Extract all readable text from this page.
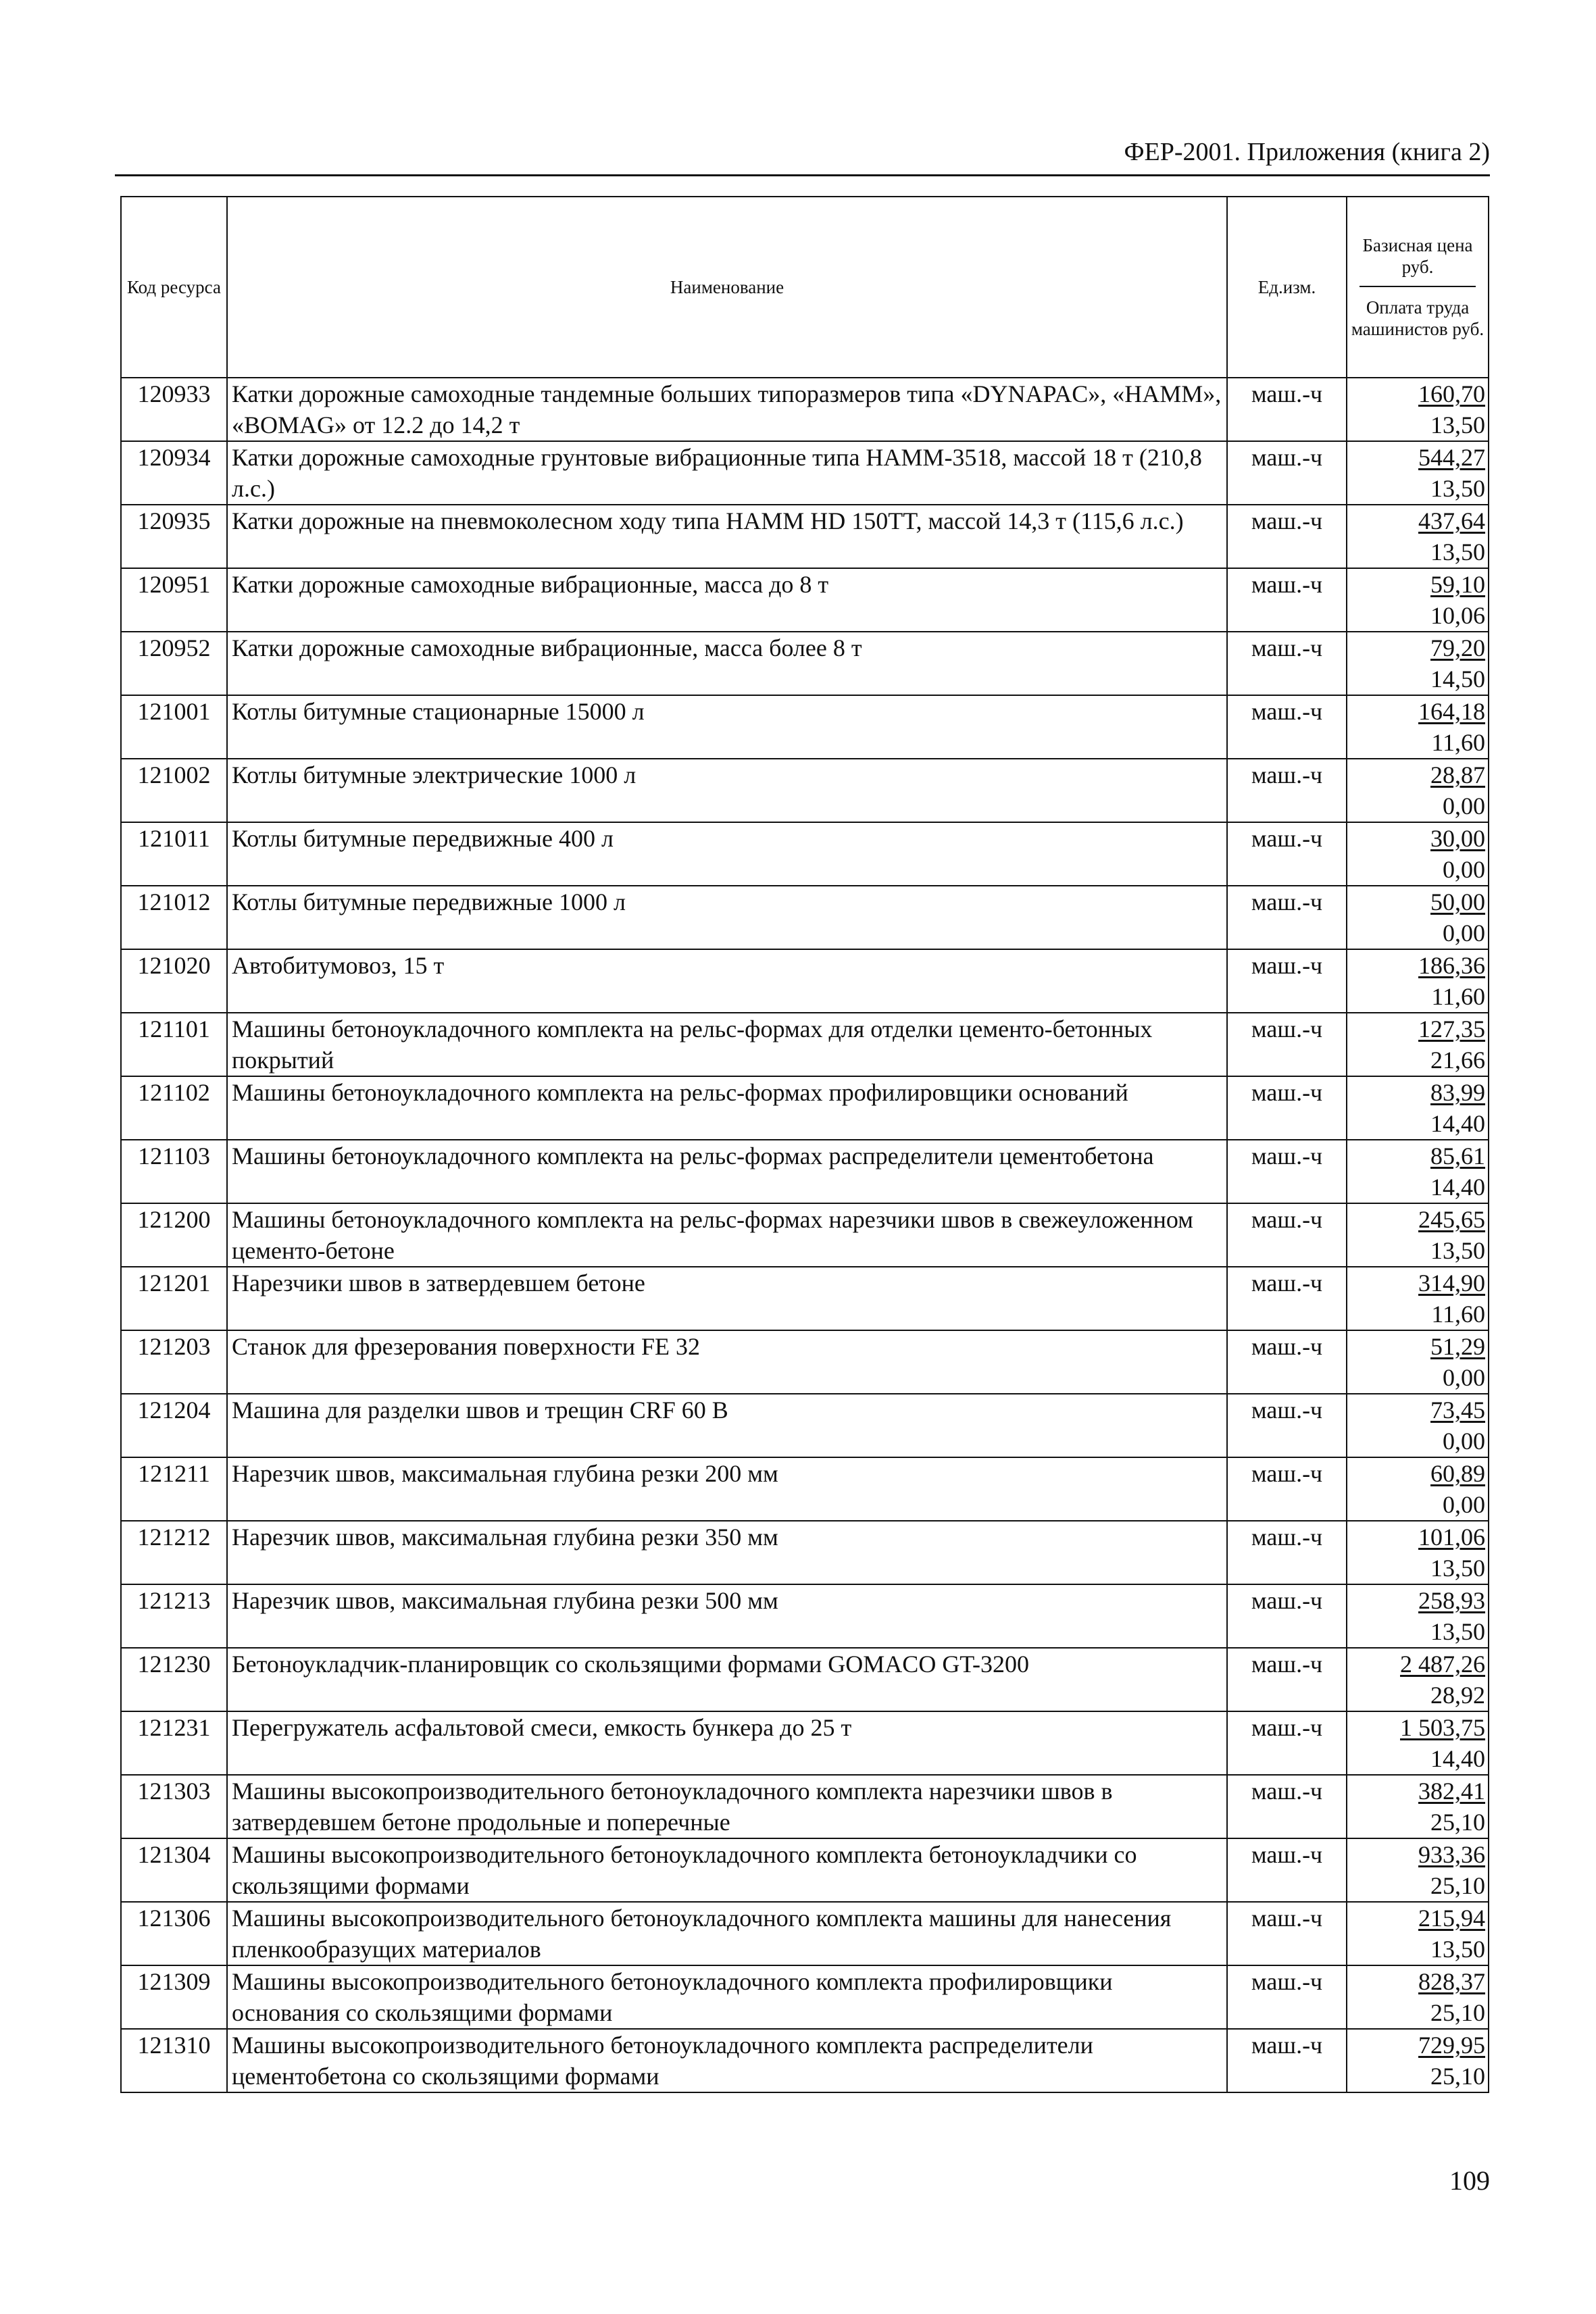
ФЕР-2001. Приложения (книга 2)
Код ресурса	Наименование	Ед.изм.	Базисная цена руб.
Оплата труда машинистов руб.

120933	Катки дорожные самоходные тандемные больших типоразмеров типа «DYNAPAC», «HAMM», «BOMAG» от 12.2 до 14,2 т	маш.-ч	160,70
13,50

120934	Катки дорожные самоходные грунтовые вибрационные типа HAMM-3518, массой 18 т (210,8 л.с.)	маш.-ч	544,27
13,50

120935	Катки дорожные на пневмоколесном ходу типа HAMM HD 150TT, массой 14,3 т (115,6 л.с.)	маш.-ч	437,64
13,50

120951	Катки дорожные самоходные вибрационные, масса до 8 т	маш.-ч	59,10
10,06

120952	Катки дорожные самоходные вибрационные, масса более 8 т	маш.-ч	79,20
14,50

121001	Котлы битумные стационарные 15000 л	маш.-ч	164,18
11,60

121002	Котлы битумные электрические 1000 л	маш.-ч	28,87
0,00

121011	Котлы битумные передвижные 400 л	маш.-ч	30,00
0,00

121012	Котлы битумные передвижные 1000 л	маш.-ч	50,00
0,00

121020	Автобитумовоз, 15 т	маш.-ч	186,36
11,60

121101	Машины бетоноукладочного комплекта на рельс-формах для отделки цементо-бетонных покрытий	маш.-ч	127,35
21,66

121102	Машины бетоноукладочного комплекта на рельс-формах профилировщики оснований	маш.-ч	83,99
14,40

121103	Машины бетоноукладочного комплекта на рельс-формах распределители цементобетона	маш.-ч	85,61
14,40

121200	Машины бетоноукладочного комплекта на рельс-формах нарезчики швов в свежеуложенном цементо-бетоне	маш.-ч	245,65
13,50

121201	Нарезчики швов в затвердевшем бетоне	маш.-ч	314,90
11,60

121203	Станок для фрезерования поверхности FE 32	маш.-ч	51,29
0,00

121204	Машина для разделки швов и трещин CRF 60 B	маш.-ч	73,45
0,00

121211	Нарезчик швов, максимальная глубина резки 200 мм	маш.-ч	60,89
0,00

121212	Нарезчик швов, максимальная глубина резки 350 мм	маш.-ч	101,06
13,50

121213	Нарезчик швов, максимальная глубина резки 500 мм	маш.-ч	258,93
13,50

121230	Бетоноукладчик-планировщик со скользящими формами GOMACO GT-3200	маш.-ч	2 487,26
28,92

121231	Перегружатель асфальтовой смеси, емкость бункера до 25 т	маш.-ч	1 503,75
14,40

121303	Машины высокопроизводительного бетоноукладочного комплекта нарезчики швов в затвердевшем бетоне продольные и поперечные	маш.-ч	382,41
25,10

121304	Машины высокопроизводительного бетоноукладочного комплекта бетоноукладчики со скользящими формами	маш.-ч	933,36
25,10

121306	Машины высокопроизводительного бетоноукладочного комплекта машины для нанесения пленкообразущих материалов	маш.-ч	215,94
13,50

121309	Машины высокопроизводительного бетоноукладочного комплекта профилировщики основания со скользящими формами	маш.-ч	828,37
25,10

121310	Машины высокопроизводительного бетоноукладочного комплекта распределители цементобетона со скользящими формами	маш.-ч	729,95
25,10
109
